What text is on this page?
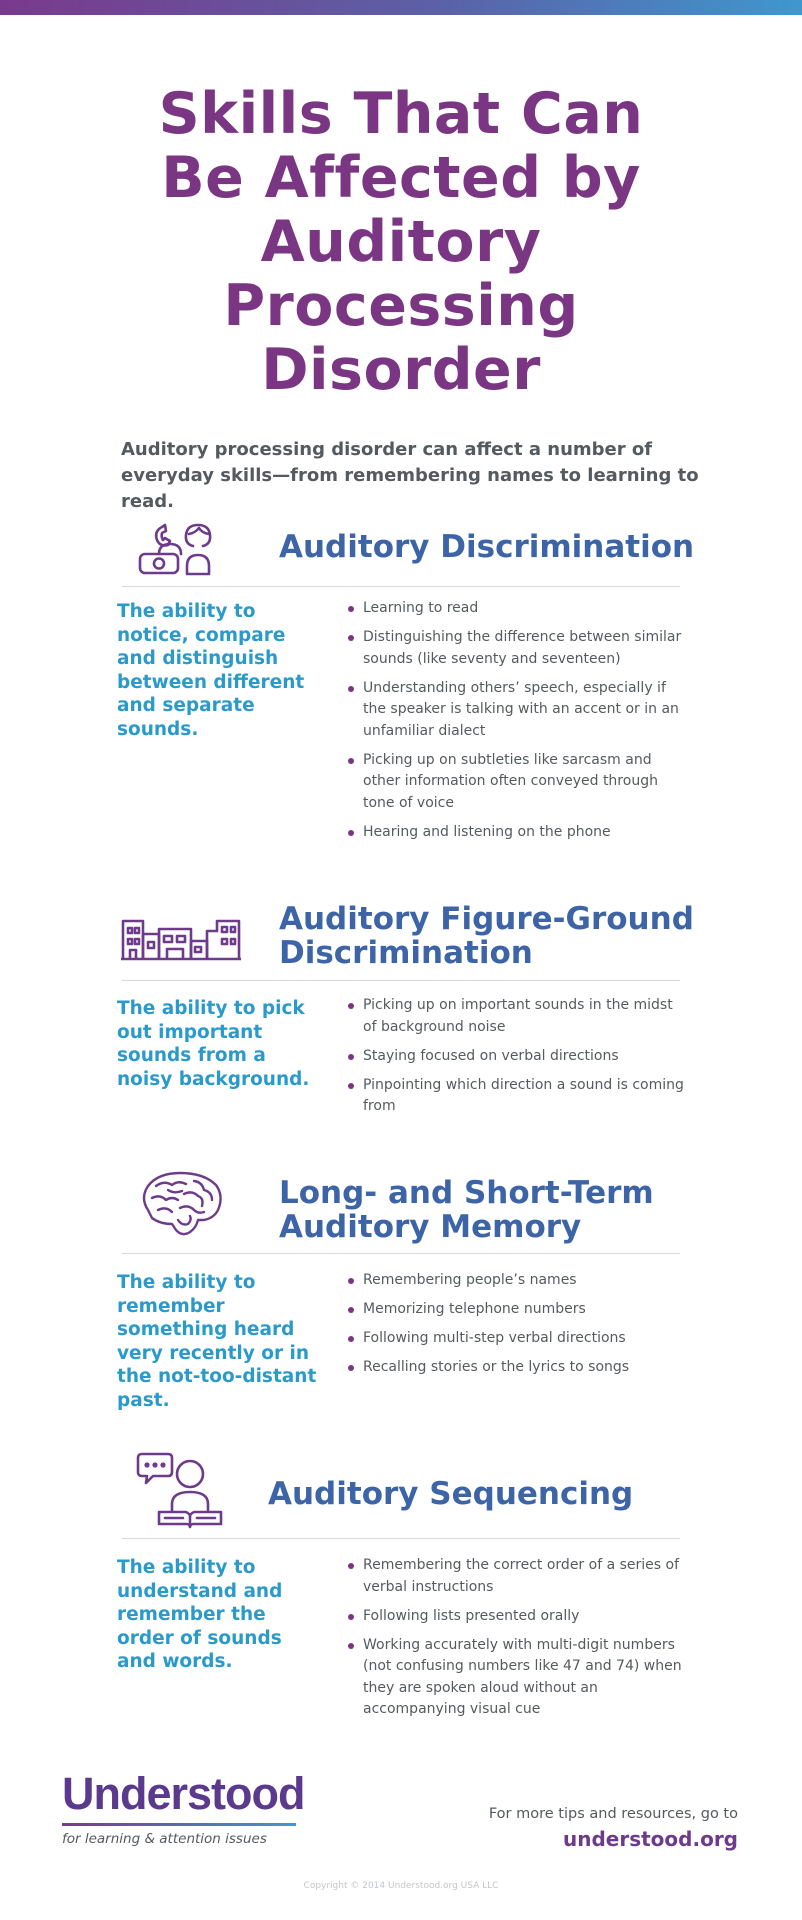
Skills That Can
Be Affected by
Auditory
Processing
Disorder

Auditory processing disorder can affect a number of everyday skills—from remembering names to learning to read.

Auditory Discrimination

The ability to notice, compare and distinguish between different and separate sounds.

Learning to read
Distinguishing the difference between similar sounds (like seventy and seventeen)
Understanding others’ speech, especially if the speaker is talking with an accent or in an unfamiliar dialect
Picking up on subtleties like sarcasm and other information often conveyed through tone of voice
Hearing and listening on the phone
Auditory Figure-Ground
Discrimination

The ability to pick out important sounds from a noisy background.

Picking up on important sounds in the midst of background noise
Staying focused on verbal directions
Pinpointing which direction a sound is coming from
Long- and Short-Term
Auditory Memory

The ability to remember something heard very recently or in the not-too-distant past.

Remembering people’s names
Memorizing telephone numbers
Following multi-step verbal directions
Recalling stories or the lyrics to songs
Auditory Sequencing

The ability to understand and remember the order of sounds and words.

Remembering the correct order of a series of verbal instructions
Following lists presented orally
Working accurately with multi-digit numbers (not confusing numbers like 47 and 74) when they are spoken aloud without an accompanying visual cue

Understood

for learning & attention issues

For more tips and resources, go to

understood.org

Copyright © 2014 Understood.org USA LLC
